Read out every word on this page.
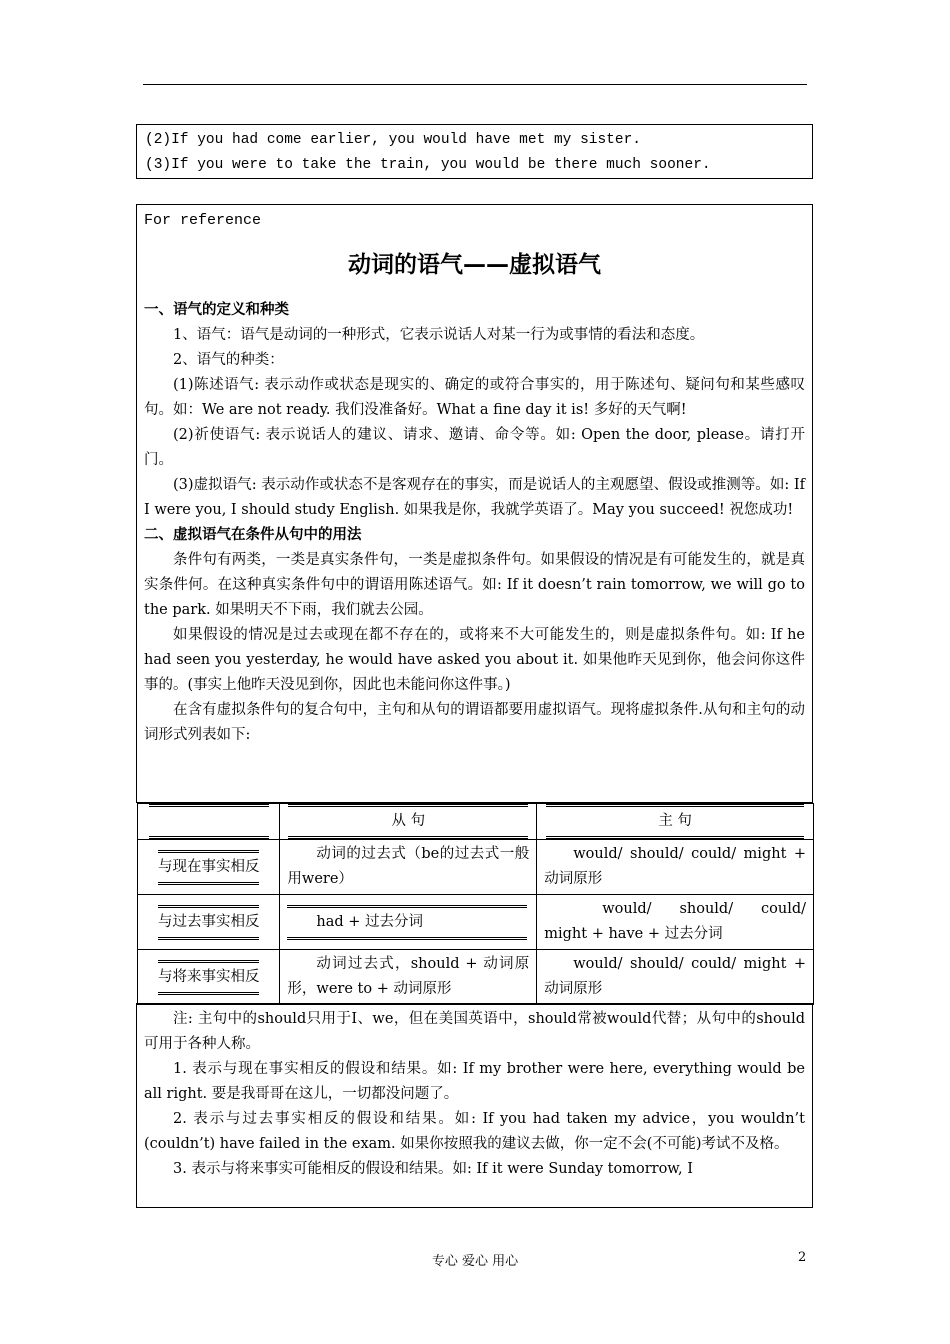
(2)If you had come earlier, you would have met my sister.

(3)If you were to take the train, you would be there much sooner.

For reference
动词的语气——虚拟语气

一、语气的定义和种类

1、语气：语气是动词的一种形式，它表示说话人对某一行为或事情的看法和态度。

2、语气的种类：

(1)陈述语气: 表示动作或状态是现实的、确定的或符合事实的，用于陈述句、疑问句和某些感叹句。如：We are not ready. 我们没准备好。What a fine day it is! 多好的天气啊!

(2)祈使语气: 表示说话人的建议、请求、邀请、命令等。如: Open the door, please。请打开门。

(3)虚拟语气: 表示动作或状态不是客观存在的事实，而是说话人的主观愿望、假设或推测等。如: If I were you, I should study English. 如果我是你，我就学英语了。May you succeed! 祝您成功!

二、虚拟语气在条件从句中的用法

条件句有两类，一类是真实条件句，一类是虚拟条件句。如果假设的情况是有可能发生的，就是真实条件何。在这种真实条件句中的谓语用陈述语气。如: If it doesn’t rain tomorrow, we will go to the park. 如果明天不下雨，我们就去公园。

如果假设的情况是过去或现在都不存在的，或将来不大可能发生的，则是虚拟条件句。如: If he had seen you yesterday, he would have asked you about it. 如果他昨天见到你，他会问你这件事的。(事实上他昨天没见到你，因此也未能问你这件事。)

在含有虚拟条件句的复合句中，主句和从句的谓语都要用虚拟语气。现将虚拟条件.从句和主句的动词形式列表如下:

	从 句	主 句
与现在事实相反	动词的过去式（be的过去式一般用were）	would/ should/ could/ might + 动词原形
与过去事实相反	had + 过去分词	would/ should/ could/ might + have + 过去分词
与将来事实相反	动词过去式，should + 动词原形，were to + 动词原形	would/ should/ could/ might + 动词原形

注: 主句中的should只用于I、we，但在美国英语中，should常被would代替；从句中的should 可用于各种人称。

1. 表示与现在事实相反的假设和结果。如: If my brother were here, everything would be all right. 要是我哥哥在这儿，一切都没问题了。

2. 表示与过去事实相反的假设和结果。如: If you had taken my advice，you wouldn’t (couldn’t) have failed in the exam. 如果你按照我的建议去做，你一定不会(不可能)考试不及格。

3. 表示与将来事实可能相反的假设和结果。如: If it were Sunday tomorrow, I

专心 爱心 用心	2
